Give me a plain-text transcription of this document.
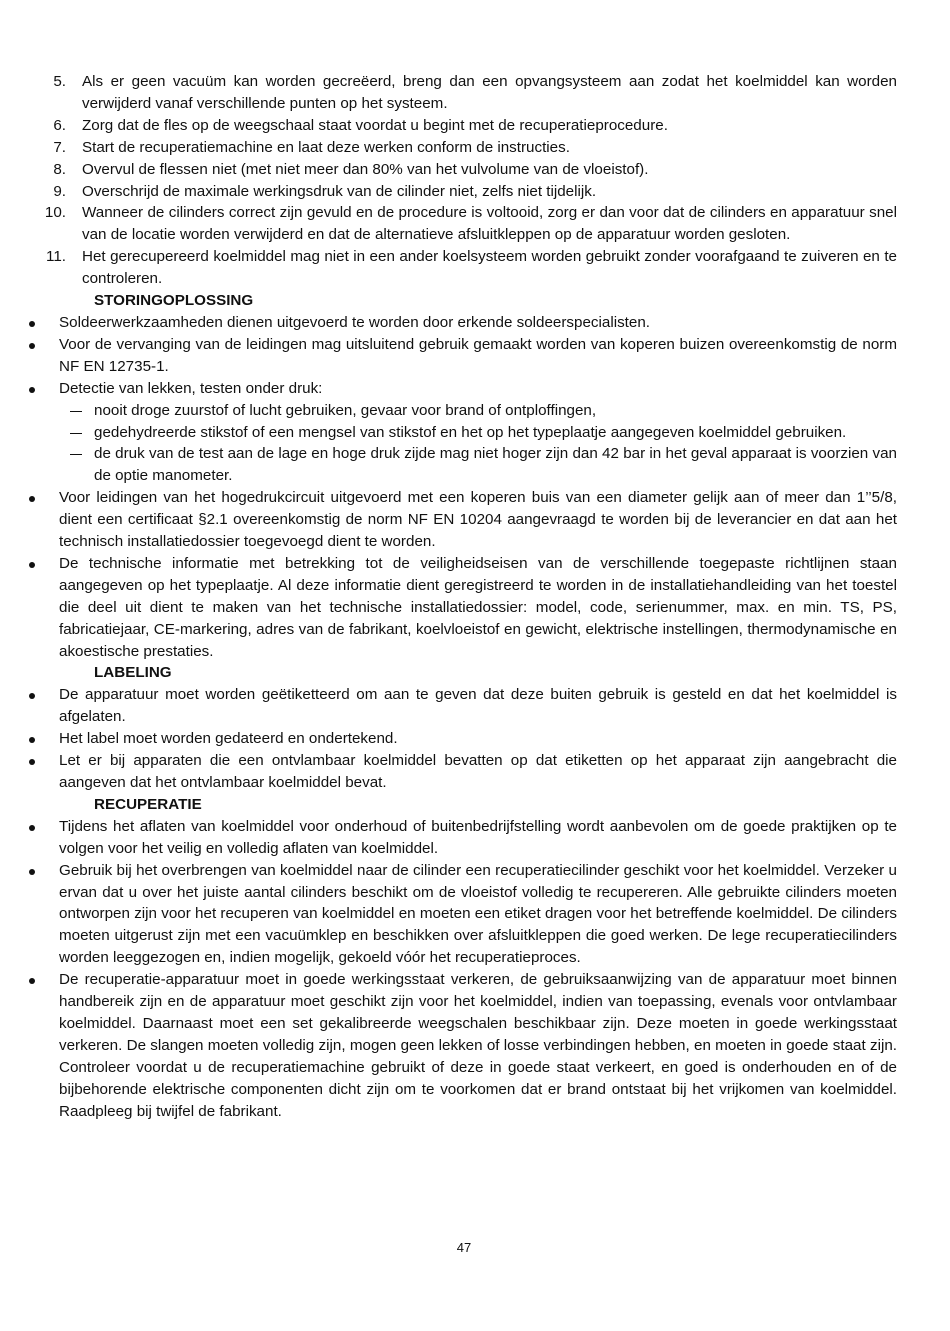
5. Als er geen vacuüm kan worden gecreëerd, breng dan een opvangsysteem aan zodat het koelmiddel kan worden verwijderd vanaf verschillende punten op het systeem.
6. Zorg dat de fles op de weegschaal staat voordat u begint met de recuperatieprocedure.
7. Start de recuperatiemachine en laat deze werken conform de instructies.
8. Overvul de flessen niet (met niet meer dan 80% van het vulvolume van de vloeistof).
9. Overschrijd de maximale werkingsdruk van de cilinder niet, zelfs niet tijdelijk.
10. Wanneer de cilinders correct zijn gevuld en de procedure is voltooid, zorg er dan voor dat de cilinders en apparatuur snel van de locatie worden verwijderd en dat de alternatieve afsluitkleppen op de apparatuur worden gesloten.
11. Het gerecupereerd koelmiddel mag niet in een ander koelsysteem worden gebruikt zonder voorafgaand te zuiveren en te controleren.
STORINGOPLOSSING
Soldeerwerkzaamheden dienen uitgevoerd te worden door erkende soldeerspecialisten.
Voor de vervanging van de leidingen mag uitsluitend gebruik gemaakt worden van koperen buizen overeenkomstig de norm NF EN 12735-1.
Detectie van lekken, testen onder druk:
nooit droge zuurstof of lucht gebruiken, gevaar voor brand of ontploffingen,
gedehydreerde stikstof of een mengsel van stikstof en het op het typeplaatje aangegeven koelmiddel gebruiken.
de druk van de test aan de lage en hoge druk zijde mag niet hoger zijn dan 42 bar in het geval apparaat is voorzien van de optie manometer.
Voor leidingen van het hogedrukcircuit uitgevoerd met een koperen buis van een diameter gelijk aan of meer dan 1’’5/8, dient een certificaat §2.1 overeenkomstig de norm NF EN 10204 aangevraagd te worden bij de leverancier en dat aan het technisch installatiedossier toegevoegd dient te worden.
De technische informatie met betrekking tot de veiligheidseisen van de verschillende toegepaste richtlijnen staan aangegeven op het typeplaatje. Al deze informatie dient geregistreerd te worden in de installatiehandleiding van het toestel die deel uit dient te maken van het technische installatiedossier: model, code, serienummer, max. en min. TS, PS, fabricatiejaar, CE-markering, adres van de fabrikant, koelvloeistof en gewicht, elektrische instellingen, thermodynamische en akoestische prestaties.
LABELING
De apparatuur moet worden geëtiketteerd om aan te geven dat deze buiten gebruik is gesteld en dat het koelmiddel is afgelaten.
Het label moet worden gedateerd en ondertekend.
Let er bij apparaten die een ontvlambaar koelmiddel bevatten op dat etiketten op het apparaat zijn aangebracht die aangeven dat het ontvlambaar koelmiddel bevat.
RECUPERATIE
Tijdens het aflaten van koelmiddel voor onderhoud of buitenbedrijfstelling wordt aanbevolen om de goede praktijken op te volgen voor het veilig en volledig aflaten van koelmiddel.
Gebruik bij het overbrengen van koelmiddel naar de cilinder een recuperatiecilinder geschikt voor het koelmiddel. Verzeker u ervan dat u over het juiste aantal cilinders beschikt om de vloeistof volledig te recupereren. Alle gebruikte cilinders moeten ontworpen zijn voor het recuperen van koelmiddel en moeten een etiket dragen voor het betreffende koelmiddel. De cilinders moeten uitgerust zijn met een vacuümklep en beschikken over afsluitkleppen die goed werken. De lege recuperatiecilinders worden leeggezogen en, indien mogelijk, gekoeld vóór het recuperatieproces.
De recuperatie-apparatuur moet in goede werkingsstaat verkeren, de gebruiksaanwijzing van de apparatuur moet binnen handbereik zijn en de apparatuur moet geschikt zijn voor het koelmiddel, indien van toepassing, evenals voor ontvlambaar koelmiddel. Daarnaast moet een set gekalibreerde weegschalen beschikbaar zijn. Deze moeten in goede werkingsstaat verkeren. De slangen moeten volledig zijn, mogen geen lekken of losse verbindingen hebben, en moeten in goede staat zijn. Controleer voordat u de recuperatiemachine gebruikt of deze in goede staat verkeert, en goed is onderhouden en of de bijbehorende elektrische componenten dicht zijn om te voorkomen dat er brand ontstaat bij het vrijkomen van koelmiddel. Raadpleeg bij twijfel de fabrikant.
47
